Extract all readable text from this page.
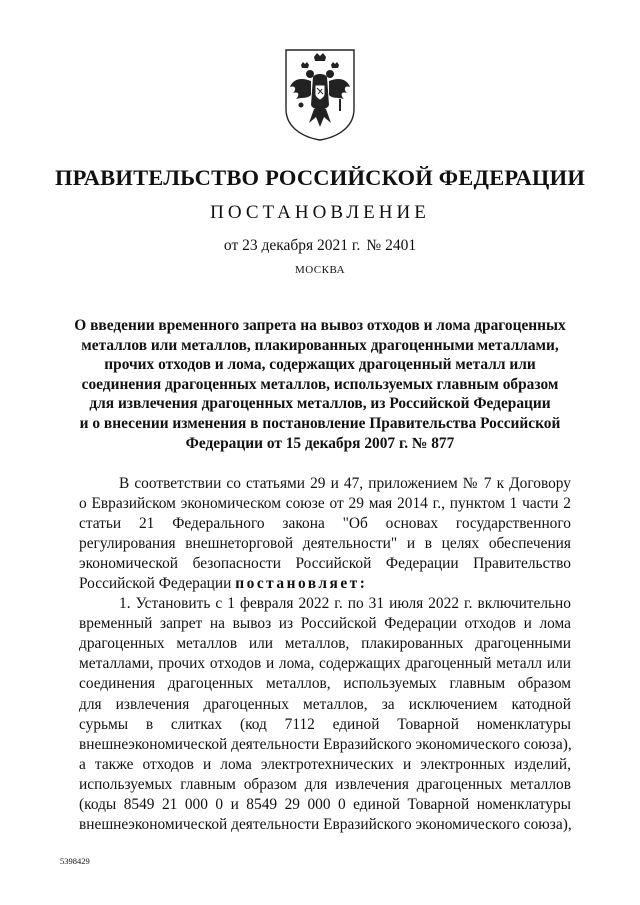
ПРАВИТЕЛЬСТВО РОССИЙСКОЙ ФЕДЕРАЦИИ
ПОСТАНОВЛЕНИЕ
от 23 декабря 2021 г. № 2401
МОСКВА
О введении временного запрета на вывоз отходов и лома драгоценных
металлов или металлов, плакированных драгоценными металлами,
прочих отходов и лома, содержащих драгоценный металл или
соединения драгоценных металлов, используемых главным образом
для извлечения драгоценных металлов, из Российской Федерации
и о внесении изменения в постановление Правительства Российской
Федерации от 15 декабря 2007 г. № 877
В соответствии со статьями 29 и 47, приложением № 7 к Договору
о Евразийском экономическом союзе от 29 мая 2014 г., пунктом 1 части 2
статьи 21 Федерального закона "Об основах государственного
регулирования внешнеторговой деятельности" и в целях обеспечения
экономической безопасности Российской Федерации Правительство
Российской Федерации постановляет:
1. Установить с 1 февраля 2022 г. по 31 июля 2022 г. включительно
временный запрет на вывоз из Российской Федерации отходов и лома
драгоценных металлов или металлов, плакированных драгоценными
металлами, прочих отходов и лома, содержащих драгоценный металл или
соединения драгоценных металлов, используемых главным образом
для извлечения драгоценных металлов, за исключением катодной
сурьмы в слитках (код 7112 единой Товарной номенклатуры
внешнеэкономической деятельности Евразийского экономического союза),
а также отходов и лома электротехнических и электронных изделий,
используемых главным образом для извлечения драгоценных металлов
(коды 8549 21 000 0 и 8549 29 000 0 единой Товарной номенклатуры
внешнеэкономической деятельности Евразийского экономического союза),
5398429
